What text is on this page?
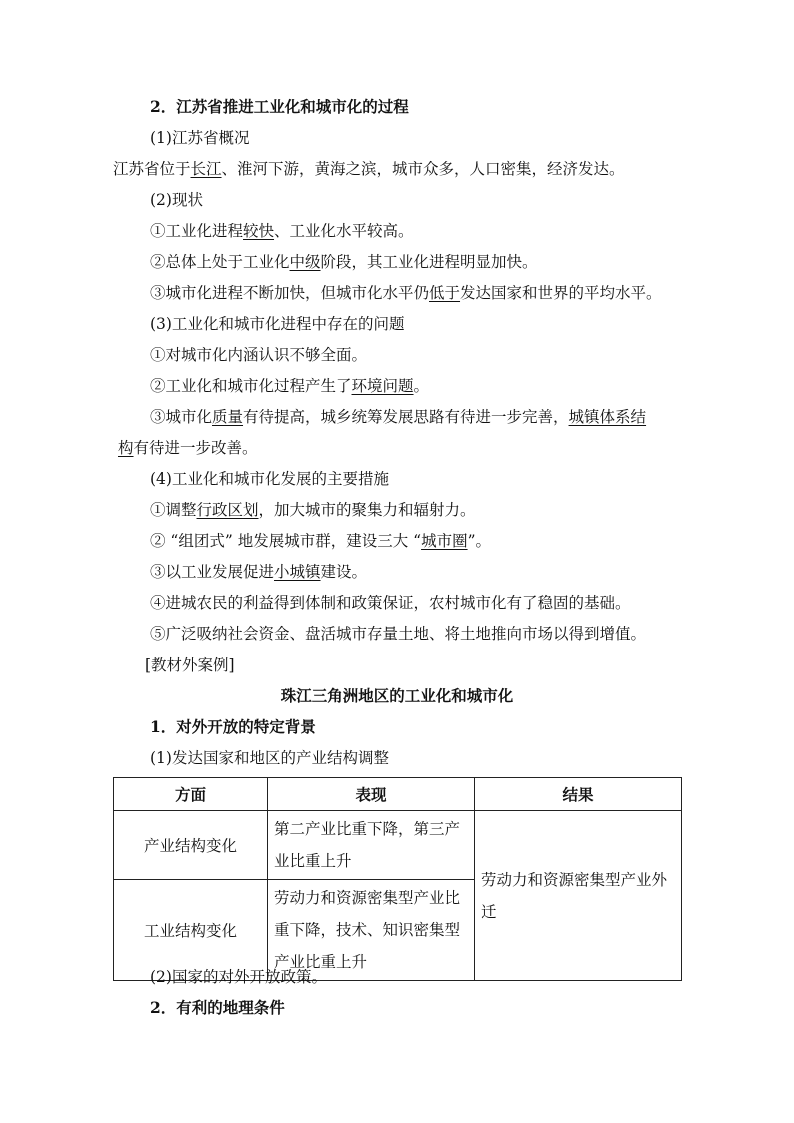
2．江苏省推进工业化和城市化的过程
(1)江苏省概况
江苏省位于长江、淮河下游，黄海之滨，城市众多，人口密集，经济发达。
(2)现状
①工业化进程较快、工业化水平较高。
②总体上处于工业化中级阶段，其工业化进程明显加快。
③城市化进程不断加快，但城市化水平仍低于发达国家和世界的平均水平。
(3)工业化和城市化进程中存在的问题
①对城市化内涵认识不够全面。
②工业化和城市化过程产生了环境问题。
③城市化质量有待提高，城乡统筹发展思路有待进一步完善，城镇体系结
构有待进一步改善。
(4)工业化和城市化发展的主要措施
①调整行政区划，加大城市的聚集力和辐射力。
② “组团式” 地发展城市群，建设三大 “城市圈”。
③以工业发展促进小城镇建设。
④进城农民的利益得到体制和政策保证，农村城市化有了稳固的基础。
⑤广泛吸纳社会资金、盘活城市存量土地、将土地推向市场以得到增值。
[教材外案例]
珠江三角洲地区的工业化和城市化
1．对外开放的特定背景
(1)发达国家和地区的产业结构调整
方面	表现	结果
产业结构变化	第二产业比重下降，第三产业比重上升	劳动力和资源密集型产业外迁
工业结构变化	劳动力和资源密集型产业比重下降，技术、知识密集型产业比重上升	
(2)国家的对外开放政策。
2．有利的地理条件
